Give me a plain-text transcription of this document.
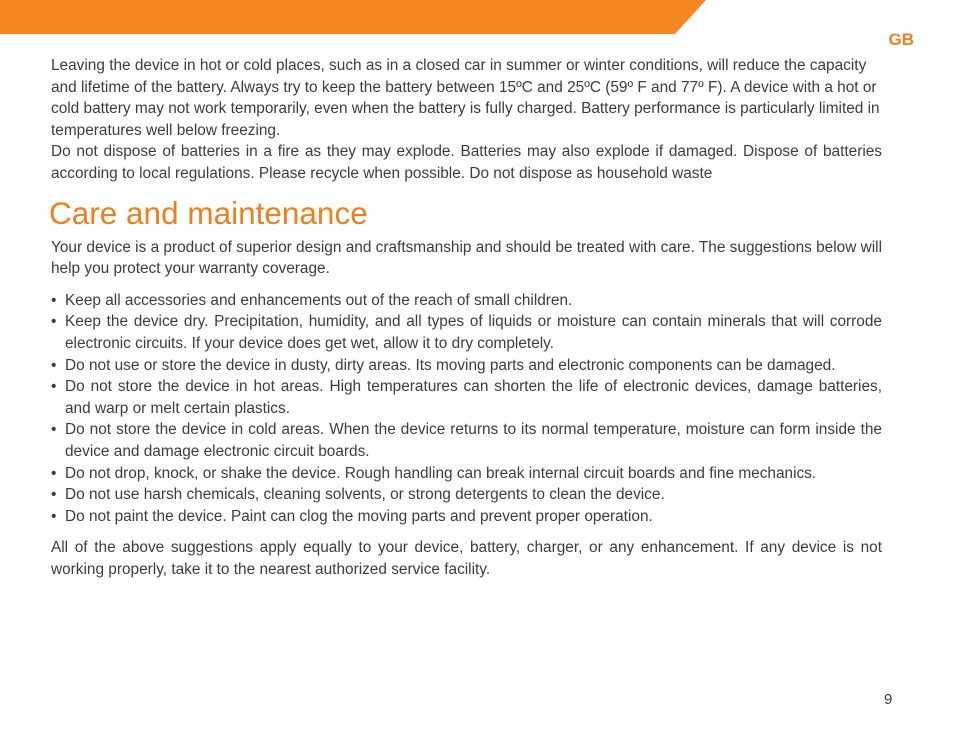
GB

Leaving the device in hot or cold places, such as in a closed car in summer or winter conditions, will reduce the capacity and lifetime of the battery. Always try to keep the battery between 15ºC and 25ºC (59º F and 77º F). A device with a hot or cold battery may not work temporarily, even when the battery is fully charged. Battery performance is particularly limited in temperatures well below freezing.

Do not dispose of batteries in a fire as they may explode. Batteries may also explode if damaged. Dispose of batteries according to local regulations. Please recycle when possible. Do not dispose as household waste

Care and maintenance

Your device is a product of superior design and craftsmanship and should be treated with care. The suggestions below will help you protect your warranty coverage.

• Keep all accessories and enhancements out of the reach of small children.
• Keep the device dry. Precipitation, humidity, and all types of liquids or moisture can contain minerals that will corrode electronic circuits. If your device does get wet, allow it to dry completely.
• Do not use or store the device in dusty, dirty areas. Its moving parts and electronic components can be damaged.
• Do not store the device in hot areas. High temperatures can shorten the life of electronic devices, damage batteries, and warp or melt certain plastics.
• Do not store the device in cold areas. When the device returns to its normal temperature, moisture can form inside the device and damage electronic circuit boards.
• Do not drop, knock, or shake the device. Rough handling can break internal circuit boards and fine mechanics.
• Do not use harsh chemicals, cleaning solvents, or strong detergents to clean the device.
• Do not paint the device. Paint can clog the moving parts and prevent proper operation.

All of the above suggestions apply equally to your device, battery, charger, or any enhancement. If any device is not working properly, take it to the nearest authorized service facility.

9
